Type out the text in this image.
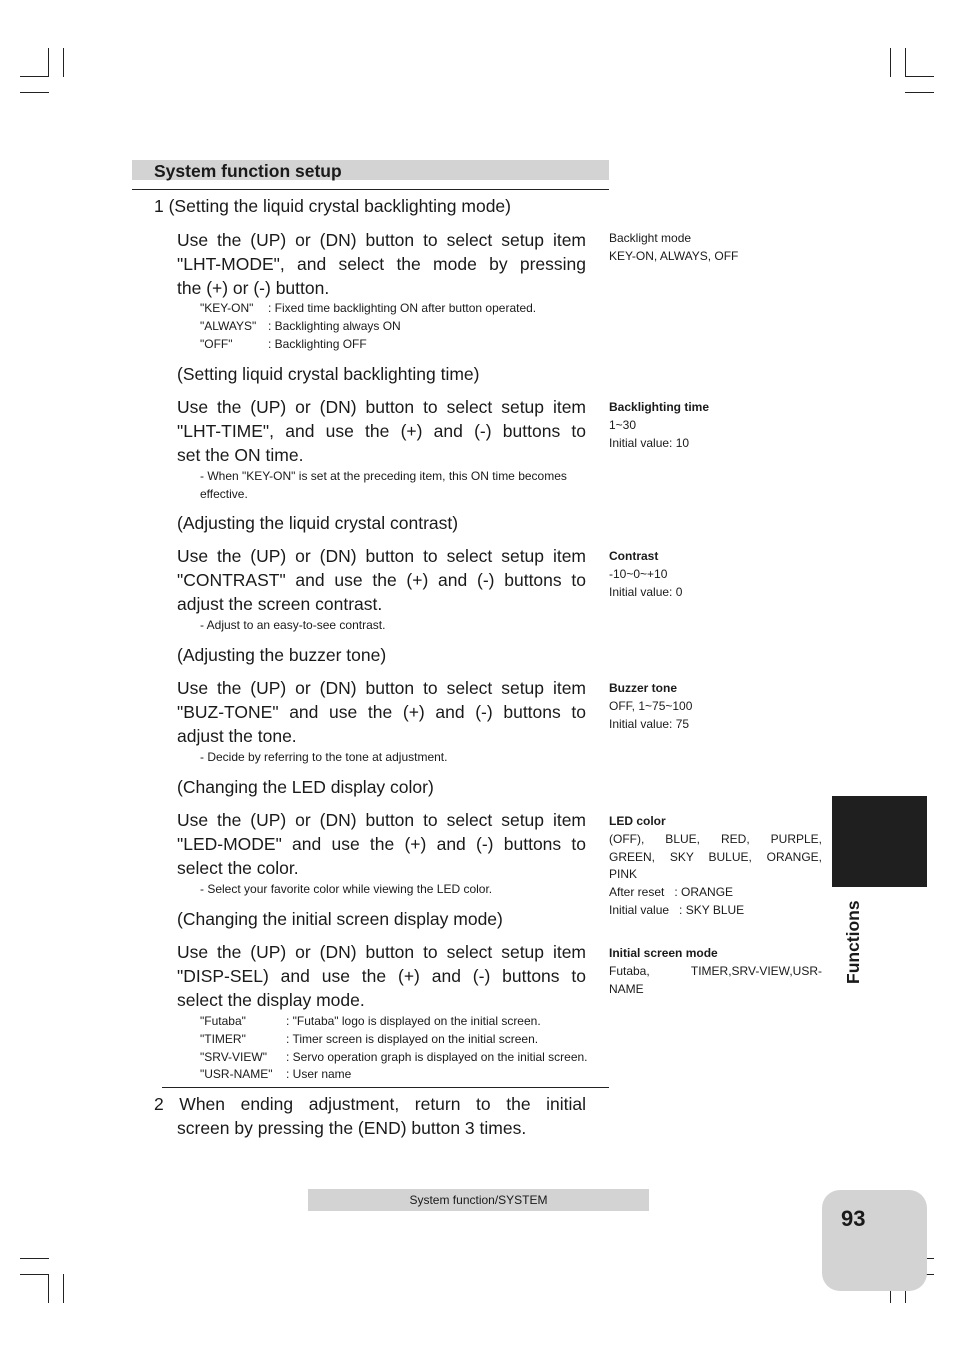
System function setup
1 (Setting the liquid crystal backlighting mode)
Use the (UP) or (DN) button to select setup item
"LHT-MODE", and select the mode by pressing
the (+) or (-) button.
"KEY-ON"	: Fixed time backlighting ON after button operated.
"ALWAYS" : Backlighting always ON
"OFF"	: Backlighting OFF
(Setting liquid crystal backlighting time)
Use the (UP) or (DN) button to select setup item
"LHT-TIME", and use the (+) and (-) buttons to
set the ON time.
- When "KEY-ON" is set at the preceding item, this ON time becomes
effective.
(Adjusting the liquid crystal contrast)
Use the (UP) or (DN) button to select setup item
"CONTRAST" and use the (+) and (-) buttons to
adjust the screen contrast.
- Adjust to an easy-to-see contrast.
(Adjusting the buzzer tone)
Use the (UP) or (DN) button to select setup item
"BUZ-TONE" and use the (+) and (-) buttons to
adjust the tone.
- Decide by referring to the tone at adjustment.
(Changing the LED display color)
Use the (UP) or (DN) button to select setup item
"LED-MODE" and use the (+) and (-) buttons to
select the color.
- Select your favorite color while viewing the LED color.
(Changing the initial screen display mode)
Use the (UP) or (DN) button to select setup item
"DISP-SEL) and use the (+) and (-) buttons to
select the display mode.
"Futaba"	: "Futaba" logo is displayed on the initial screen.
"TIMER"	: Timer screen is displayed on the initial screen.
"SRV-VIEW"	: Servo operation graph is displayed on the initial screen.
"USR-NAME"	: User name
2 When ending adjustment, return to the initial
screen by pressing the (END) button 3 times.
Backlight mode
KEY-ON, ALWAYS, OFF
Backlighting time
1~30
Initial value: 10
Contrast
-10~0~+10
Initial value: 0
Buzzer tone
OFF, 1~75~100
Initial value: 75
LED color
(OFF), BLUE, RED, PURPLE,
GREEN, SKY BULUE, ORANGE,
PINK
After reset   : ORANGE
Initial value   : SKY BLUE
Initial screen mode
Futaba, TIMER,SRV-VIEW,USR-
NAME
Functions
System function/SYSTEM
93
